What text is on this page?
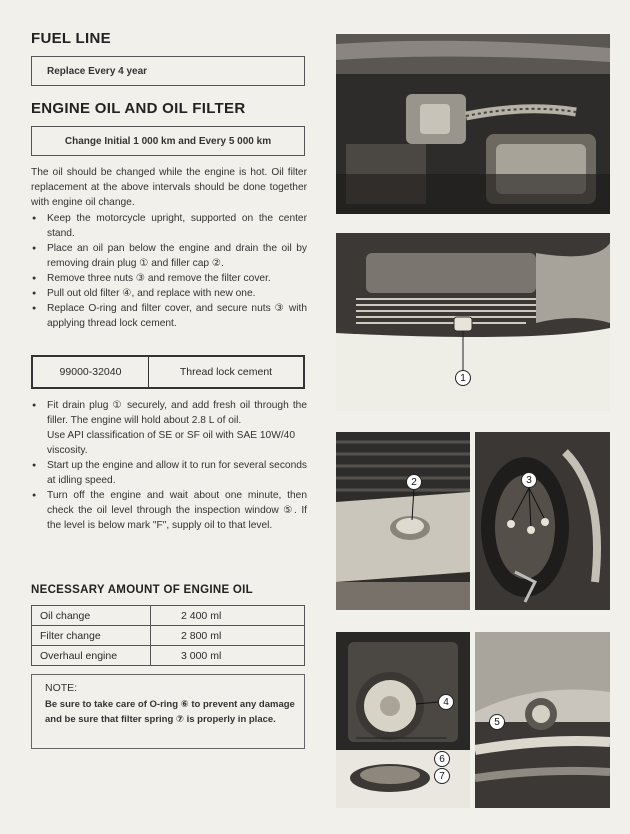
FUEL LINE
Replace Every 4 year
ENGINE OIL AND OIL FILTER
Change Initial 1 000 km and Every 5 000 km
The oil should be changed while the engine is hot. Oil filter replacement at the above intervals should be done together with engine oil change.
● Keep the motorcycle upright, supported on the center stand.
● Place an oil pan below the engine and drain the oil by removing drain plug ① and filler cap ②.
● Remove three nuts ③ and remove the filter cover.
● Pull out old filter ④, and replace with new one.
● Replace O-ring and filter cover, and secure nuts ③ with applying thread lock cement.
99000-32040	Thread lock cement
● Fit drain plug ① securely, and add fresh oil through the filler. The engine will hold about 2.8 L of oil.
Use API classification of SE or SF oil with SAE 10W/40 viscosity.
● Start up the engine and allow it to run for several seconds at idling speed.
● Turn off the engine and wait about one minute, then check the oil level through the inspection window ⑤. If the level is below mark "F", supply oil to that level.
NECESSARY AMOUNT OF ENGINE OIL
Oil change	2 400 ml
Filter change	2 800 ml
Overhaul engine	3 000 ml
NOTE:
Be sure to take care of O-ring ⑥ to prevent any damage and be sure that filter spring ⑦ is properly in place.
1
2	3
4
6
7
5
